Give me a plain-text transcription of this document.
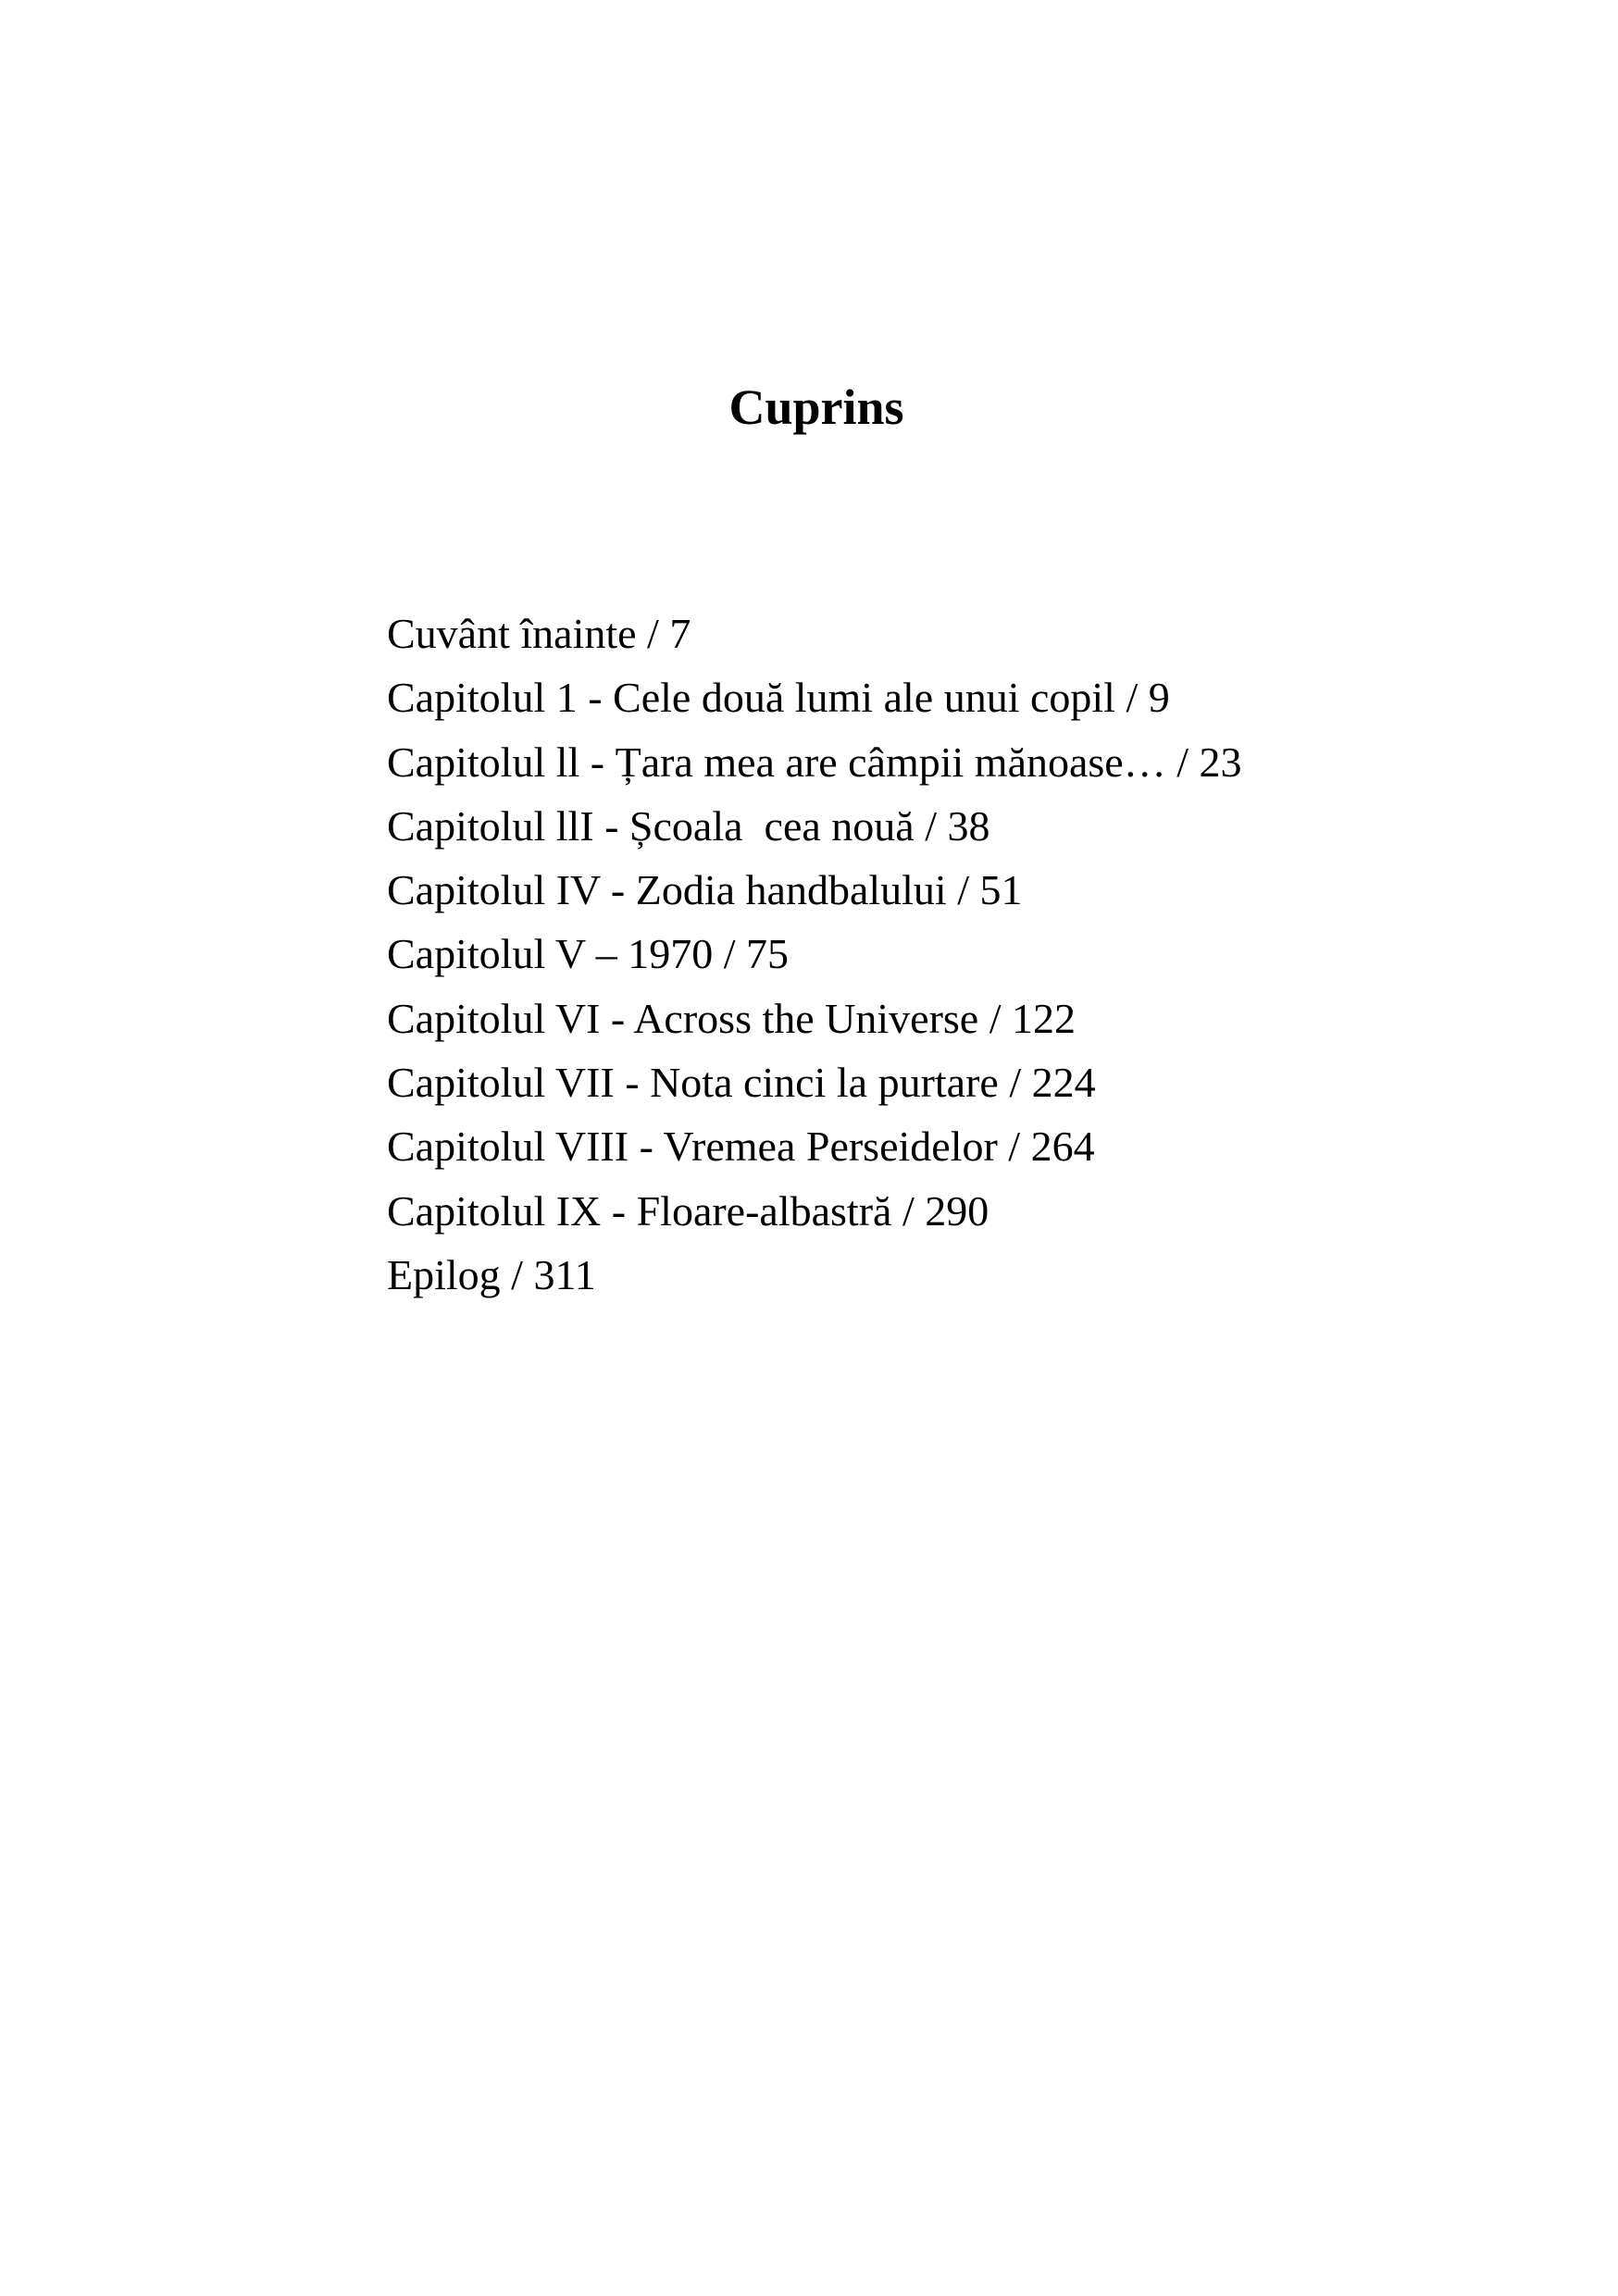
Cuprins
Cuvânt înainte / 7
Capitolul 1 - Cele două lumi ale unui copil / 9
Capitolul ll - Țara mea are câmpii mănoase… / 23
Capitolul llI - Școala  cea nouă / 38
Capitolul IV - Zodia handbalului / 51
Capitolul V – 1970 / 75
Capitolul VI - Across the Universe / 122
Capitolul VII - Nota cinci la purtare / 224
Capitolul VIII - Vremea Perseidelor / 264
Capitolul IX - Floare-albastră / 290
Epilog / 311
